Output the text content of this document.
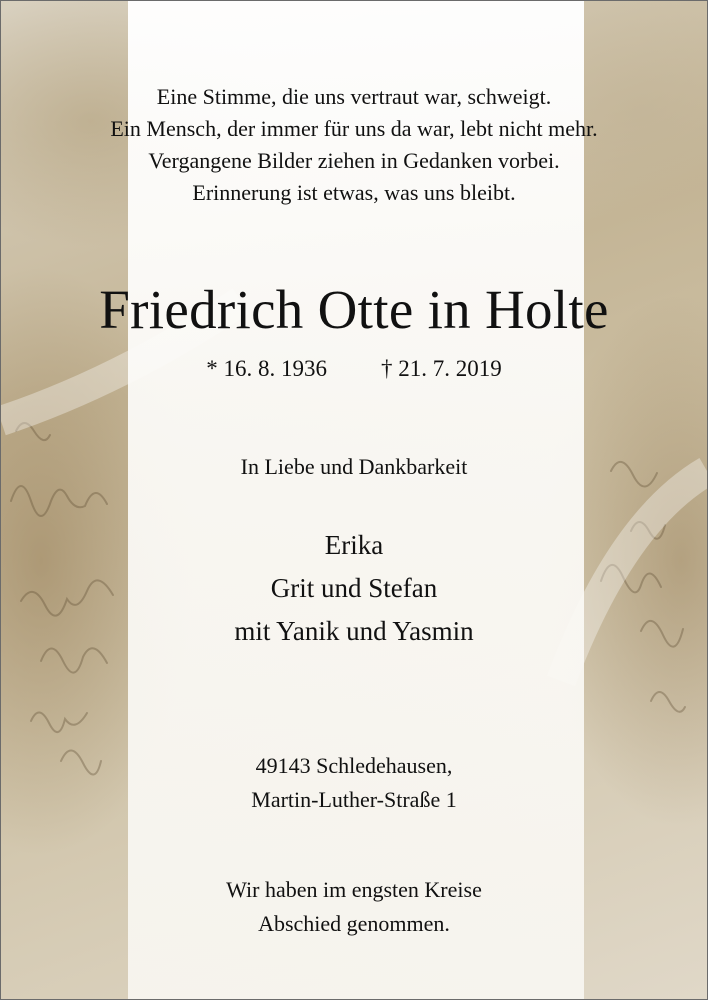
Eine Stimme, die uns vertraut war, schweigt.
Ein Mensch, der immer für uns da war, lebt nicht mehr.
Vergangene Bilder ziehen in Gedanken vorbei.
Erinnerung ist etwas, was uns bleibt.
Friedrich Otte in Holte
* 16. 8. 1936 † 21. 7. 2019
In Liebe und Dankbarkeit
Erika
Grit und Stefan
mit Yanik und Yasmin
49143 Schledehausen,
Martin-Luther-Straße 1
Wir haben im engsten Kreise
Abschied genommen.
